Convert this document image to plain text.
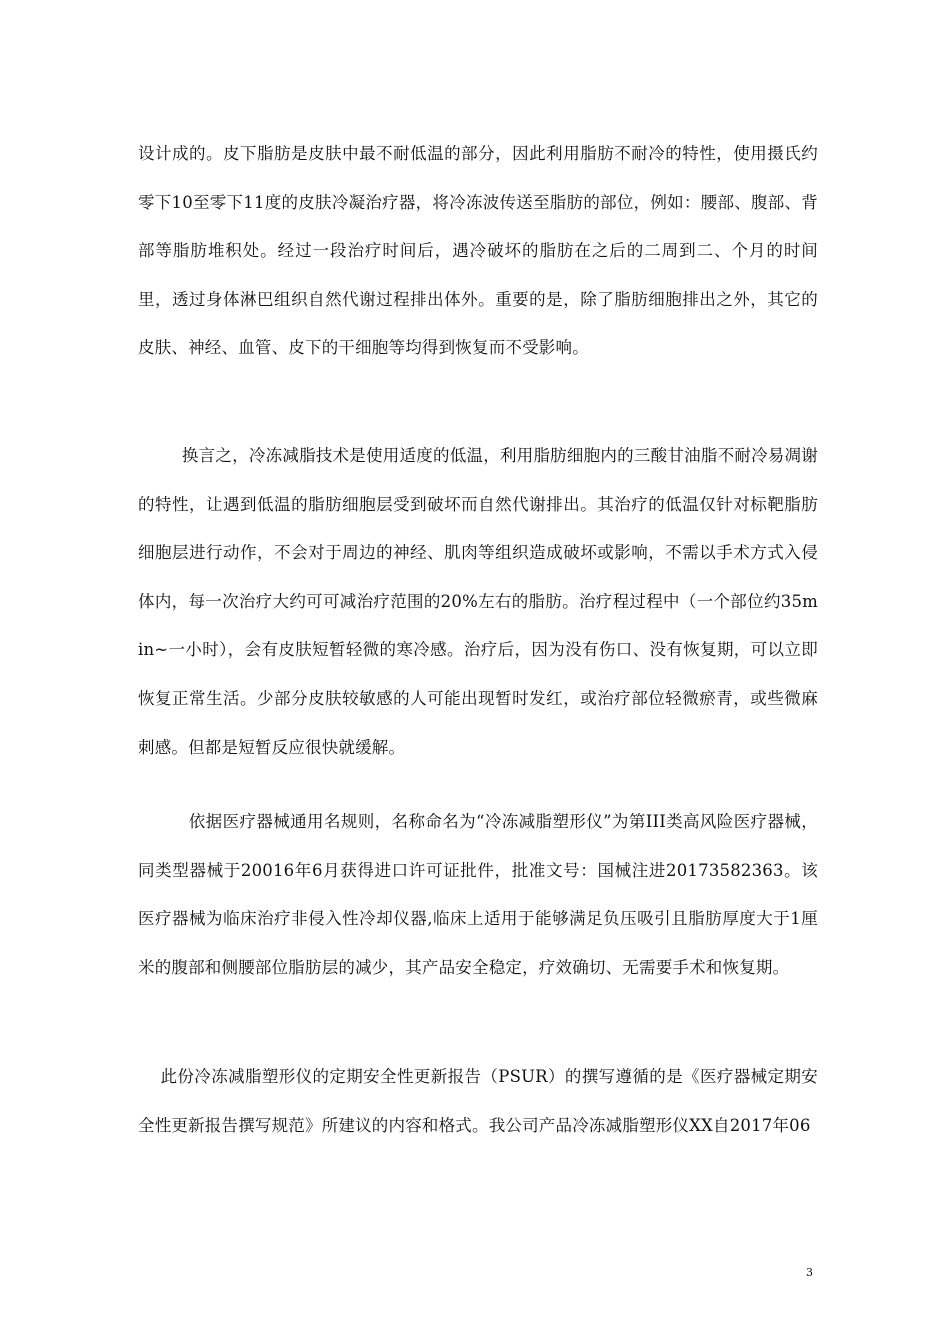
设计成的。皮下脂肪是皮肤中最不耐低温的部分，因此利用脂肪不耐冷的特性，使用摄氏约零下10至零下11度的皮肤冷凝治疗器，将冷冻波传送至脂肪的部位，例如：腰部、腹部、背部等脂肪堆积处。经过一段治疗时间后，遇冷破坏的脂肪在之后的二周到二、个月的时间里，透过身体淋巴组织自然代谢过程排出体外。重要的是，除了脂肪细胞排出之外，其它的皮肤、神经、血管、皮下的干细胞等均得到恢复而不受影响。

换言之，冷冻减脂技术是使用适度的低温，利用脂肪细胞内的三酸甘油脂不耐冷易凋谢的特性，让遇到低温的脂肪细胞层受到破坏而自然代谢排出。其治疗的低温仅针对标靶脂肪细胞层进行动作，不会对于周边的神经、肌肉等组织造成破坏或影响，不需以手术方式入侵体内，每一次治疗大约可可减治疗范围的20%左右的脂肪。治疗程过程中（一个部位约35min~一小时），会有皮肤短暂轻微的寒冷感。治疗后，因为没有伤口、没有恢复期，可以立即恢复正常生活。少部分皮肤较敏感的人可能出现暂时发红，或治疗部位轻微瘀青，或些微麻刺感。但都是短暂反应很快就缓解。

依据医疗器械通用名规则，名称命名为“冷冻减脂塑形仪”为第III类高风险医疗器械，同类型器械于20016年6月获得进口许可证批件，批准文号：国械注进20173582363。该医疗器械为临床治疗非侵入性冷却仪器,临床上适用于能够满足负压吸引且脂肪厚度大于1厘米的腹部和侧腰部位脂肪层的减少，其产品安全稳定，疗效确切、无需要手术和恢复期。

此份冷冻减脂塑形仪的定期安全性更新报告（PSUR）的撰写遵循的是《医疗器械定期安全性更新报告撰写规范》所建议的内容和格式。我公司产品冷冻减脂塑形仪XX自2017年06

3
